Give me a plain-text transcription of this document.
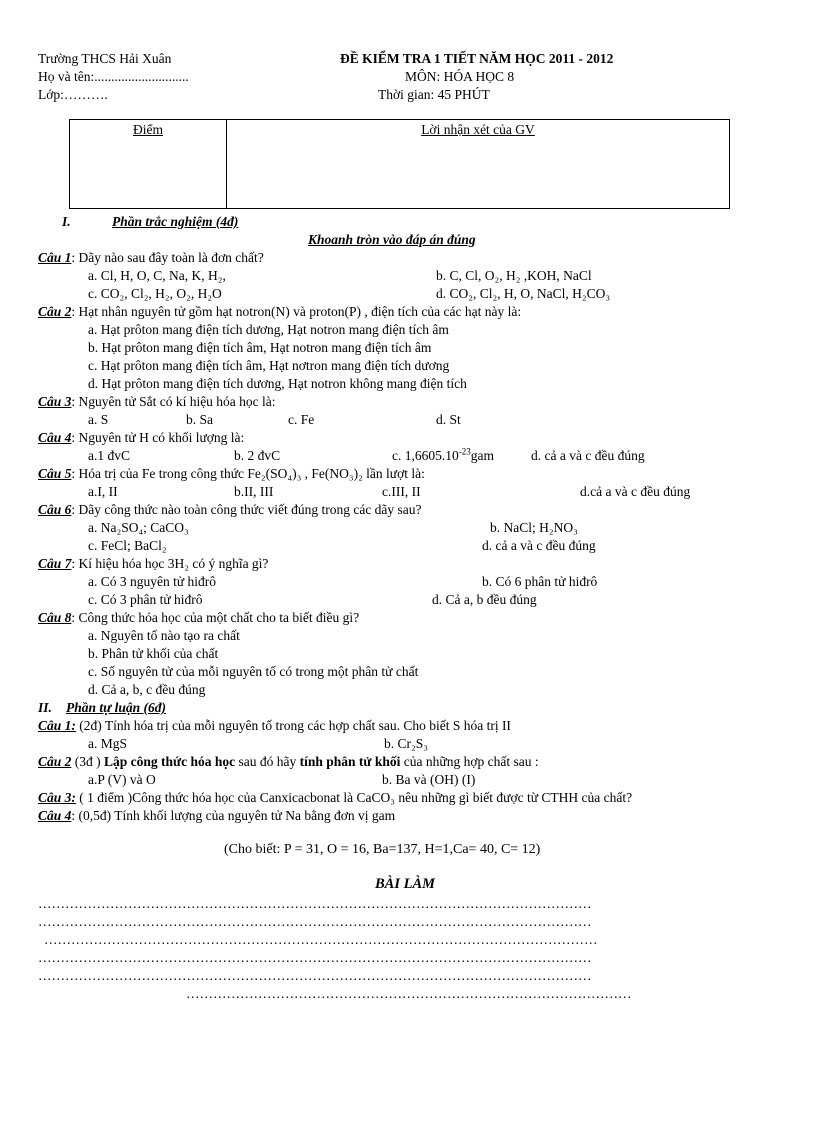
Trường THCS Hải Xuân
Họ và tên:............................
Lớp:……….
ĐỀ KIỂM TRA 1 TIẾT NĂM HỌC 2011 - 2012
MÔN: HÓA HỌC 8
Thời gian: 45 PHÚT
Điểm	Lời nhận xét của GV
I.	Phần trắc nghiệm (4đ)
Khoanh tròn vào đáp án đúng
Câu 1: Dãy nào sau đây toàn là đơn chất?
a. Cl, H, O, C, Na, K, H₂,	b. C, Cl, O₂, H₂ ,KOH, NaCl
c. CO₂, Cl₂, H₂, O₂, H₂O	d. CO₂, Cl₂, H, O, NaCl, H₂CO₃
Câu 2: Hạt nhân nguyên tử gồm hạt notron(N) và proton(P) , điện tích của các hạt này là:
a. Hạt prôton mang điện tích dương, Hạt notron mang điện tích âm
b. Hạt prôton mang điện tích âm, Hạt notron mang điện tích âm
c. Hạt prôton mang điện tích âm, Hạt nơtron mang điện tích dương
d. Hạt prôton mang điện tích dương, Hạt notron không mang điện tích
Câu 3: Nguyên tử Sắt có kí hiệu hóa học là:
a. S	b. Sa	c. Fe	d. St
Câu 4: Nguyên tử H có khối lượng là:
a.1 đvC	b. 2 đvC	c. $1,6605.10^{-23}gam$	d. cả a và c đều đúng
Câu 5: Hóa trị của Fe trong công thức Fe₂(SO₄)₃ , Fe(NO₃)₂ lần lượt là:
a.I, II	b.II, III	c.III, II	d.cả a và c đều đúng
Câu 6: Dãy công thức nào toàn công thức viết đúng trong các dãy sau?
a. Na₂SO₄; CaCO₃	b. NaCl; H₂NO₃
c. FeCl; BaCl₂	d. cả a và c đều đúng
Câu 7: Kí hiệu hóa học 3H₂ có ý nghĩa gì?
a. Có 3 nguyên tử hiđrô	b. Có 6 phân tử hiđrô
c. Có 3 phân tử hiđrô	d. Cả a, b đều đúng
Câu 8: Công thức hóa học của một chất cho ta biết điều gì?
a. Nguyên tố nào tạo ra chất
b. Phân tử khối của chất
c. Số nguyên tử của mỗi nguyên tố có trong một phân tử chất
d. Cả a, b, c đều đúng
II. Phần tự luận (6đ)
Câu 1: (2đ) Tính hóa trị của mỗi nguyên tố trong các hợp chất sau. Cho biết S hóa trị II
a. MgS	b. Cr₂S₃
Câu 2 (3đ ) Lập công thức hóa học sau đó hãy tính phân tử khối của những hợp chất sau :
a.P (V) và O	b. Ba và (OH) (I)
Câu 3: ( 1 điểm )Công thức hóa học của Canxicacbonat là CaCO₃ nêu những gì biết được từ CTHH của chất?
Câu 4: (0,5đ) Tính khối lượng của nguyên tử Na bằng đơn vị gam
(Cho biết: P = 31, O = 16, Ba=137, H=1,Ca= 40, C= 12)
BÀI LÀM
……………………………………………………………………………………………………………
……………………………………………………………………………………………………………
……………………………………………………………………………………………………………
……………………………………………………………………………………………………………
……………………………………………………………………………………………………………
………………………………………………………………………………………
